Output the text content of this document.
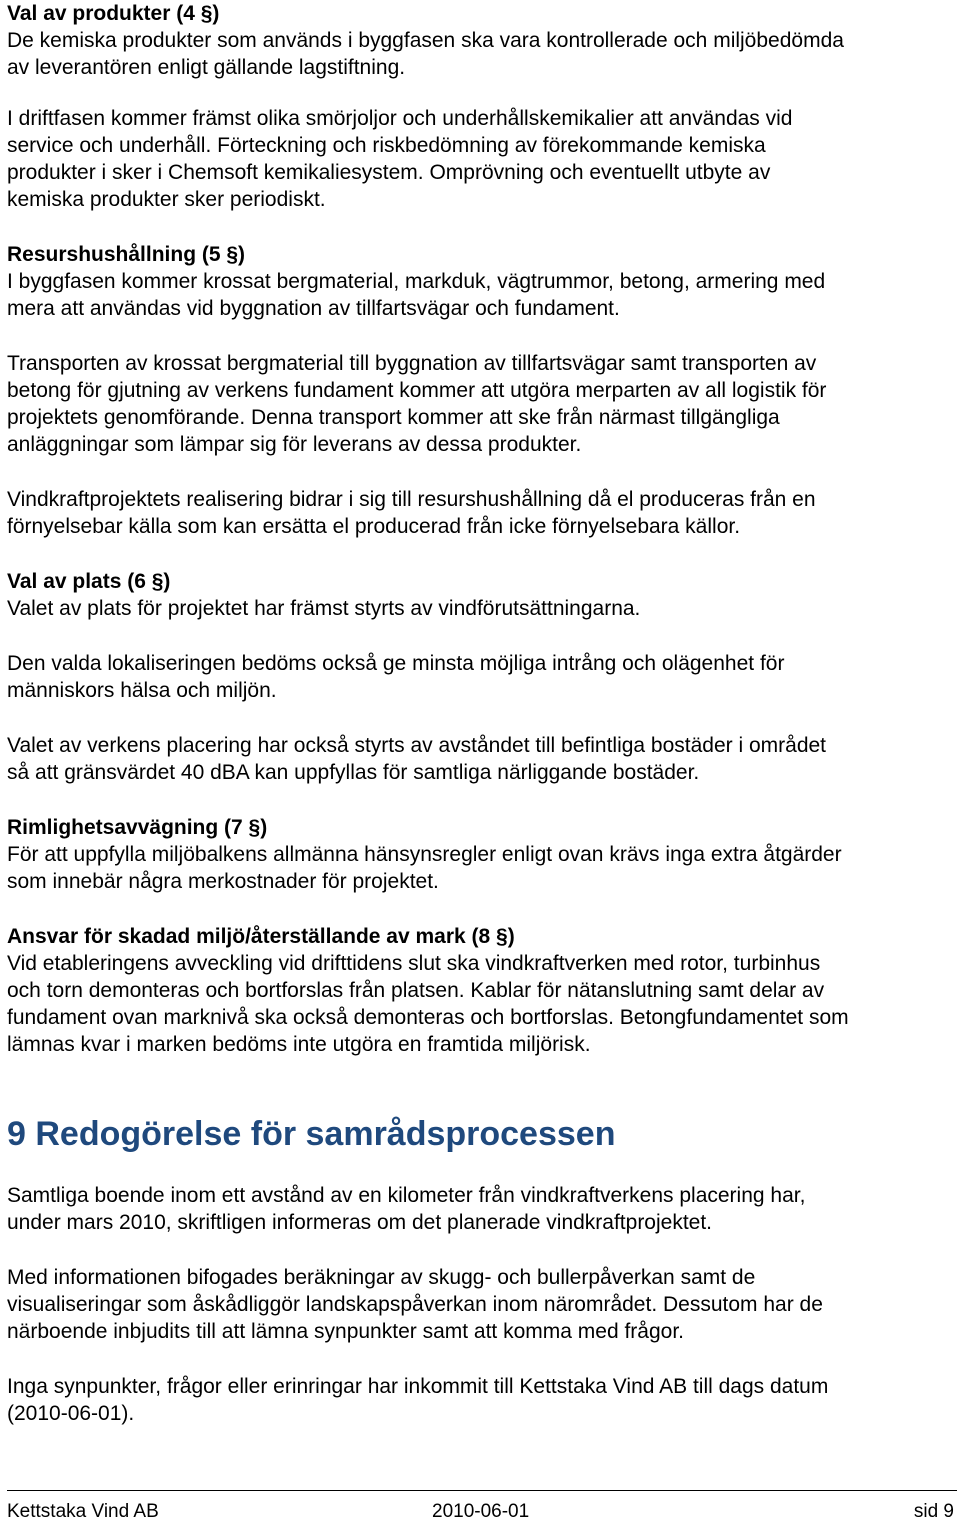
Val av produkter (4 §)
De kemiska produkter som används i byggfasen ska vara kontrollerade och miljöbedömda
av leverantören enligt gällande lagstiftning.
I driftfasen kommer främst olika smörjoljor och underhållskemikalier att användas vid
service och underhåll. Förteckning och riskbedömning av förekommande kemiska
produkter i sker i Chemsoft kemikaliesystem. Omprövning och eventuellt utbyte av
kemiska produkter sker periodiskt.
Resurshushållning (5 §)
I byggfasen kommer krossat bergmaterial, markduk, vägtrummor, betong, armering med
mera att användas vid byggnation av tillfartsvägar och fundament.
Transporten av krossat bergmaterial till byggnation av tillfartsvägar samt transporten av
betong för gjutning av verkens fundament kommer att utgöra merparten av all logistik för
projektets genomförande. Denna transport kommer att ske från närmast tillgängliga
anläggningar som lämpar sig för leverans av dessa produkter.
Vindkraftprojektets realisering bidrar i sig till resurshushållning då el produceras från en
förnyelsebar källa som kan ersätta el producerad från icke förnyelsebara källor.
Val av plats (6 §)
Valet av plats för projektet har främst styrts av vindförutsättningarna.
Den valda lokaliseringen bedöms också ge minsta möjliga intrång och olägenhet för
människors hälsa och miljön.
Valet av verkens placering har också styrts av avståndet till befintliga bostäder i området
så att gränsvärdet 40 dBA kan uppfyllas för samtliga närliggande bostäder.
Rimlighetsavvägning (7 §)
För att uppfylla miljöbalkens allmänna hänsynsregler enligt ovan krävs inga extra åtgärder
som innebär några merkostnader för projektet.
Ansvar för skadad miljö/återställande av mark (8 §)
Vid etableringens avveckling vid drifttidens slut ska vindkraftverken med rotor, turbinhus
och torn demonteras och bortforslas från platsen. Kablar för nätanslutning samt delar av
fundament ovan marknivå ska också demonteras och bortforslas. Betongfundamentet som
lämnas kvar i marken bedöms inte utgöra en framtida miljörisk.
9 Redogörelse för samrådsprocessen
Samtliga boende inom ett avstånd av en kilometer från vindkraftverkens placering har,
under mars 2010, skriftligen informeras om det planerade vindkraftprojektet.
Med informationen bifogades beräkningar av skugg- och bullerpåverkan samt de
visualiseringar som åskådliggör landskapspåverkan inom närområdet. Dessutom har de
närboende inbjudits till att lämna synpunkter samt att komma med frågor.
Inga synpunkter, frågor eller erinringar har inkommit till Kettstaka Vind AB till dags datum
(2010-06-01).
Kettstaka Vind AB	2010-06-01	sid 9
